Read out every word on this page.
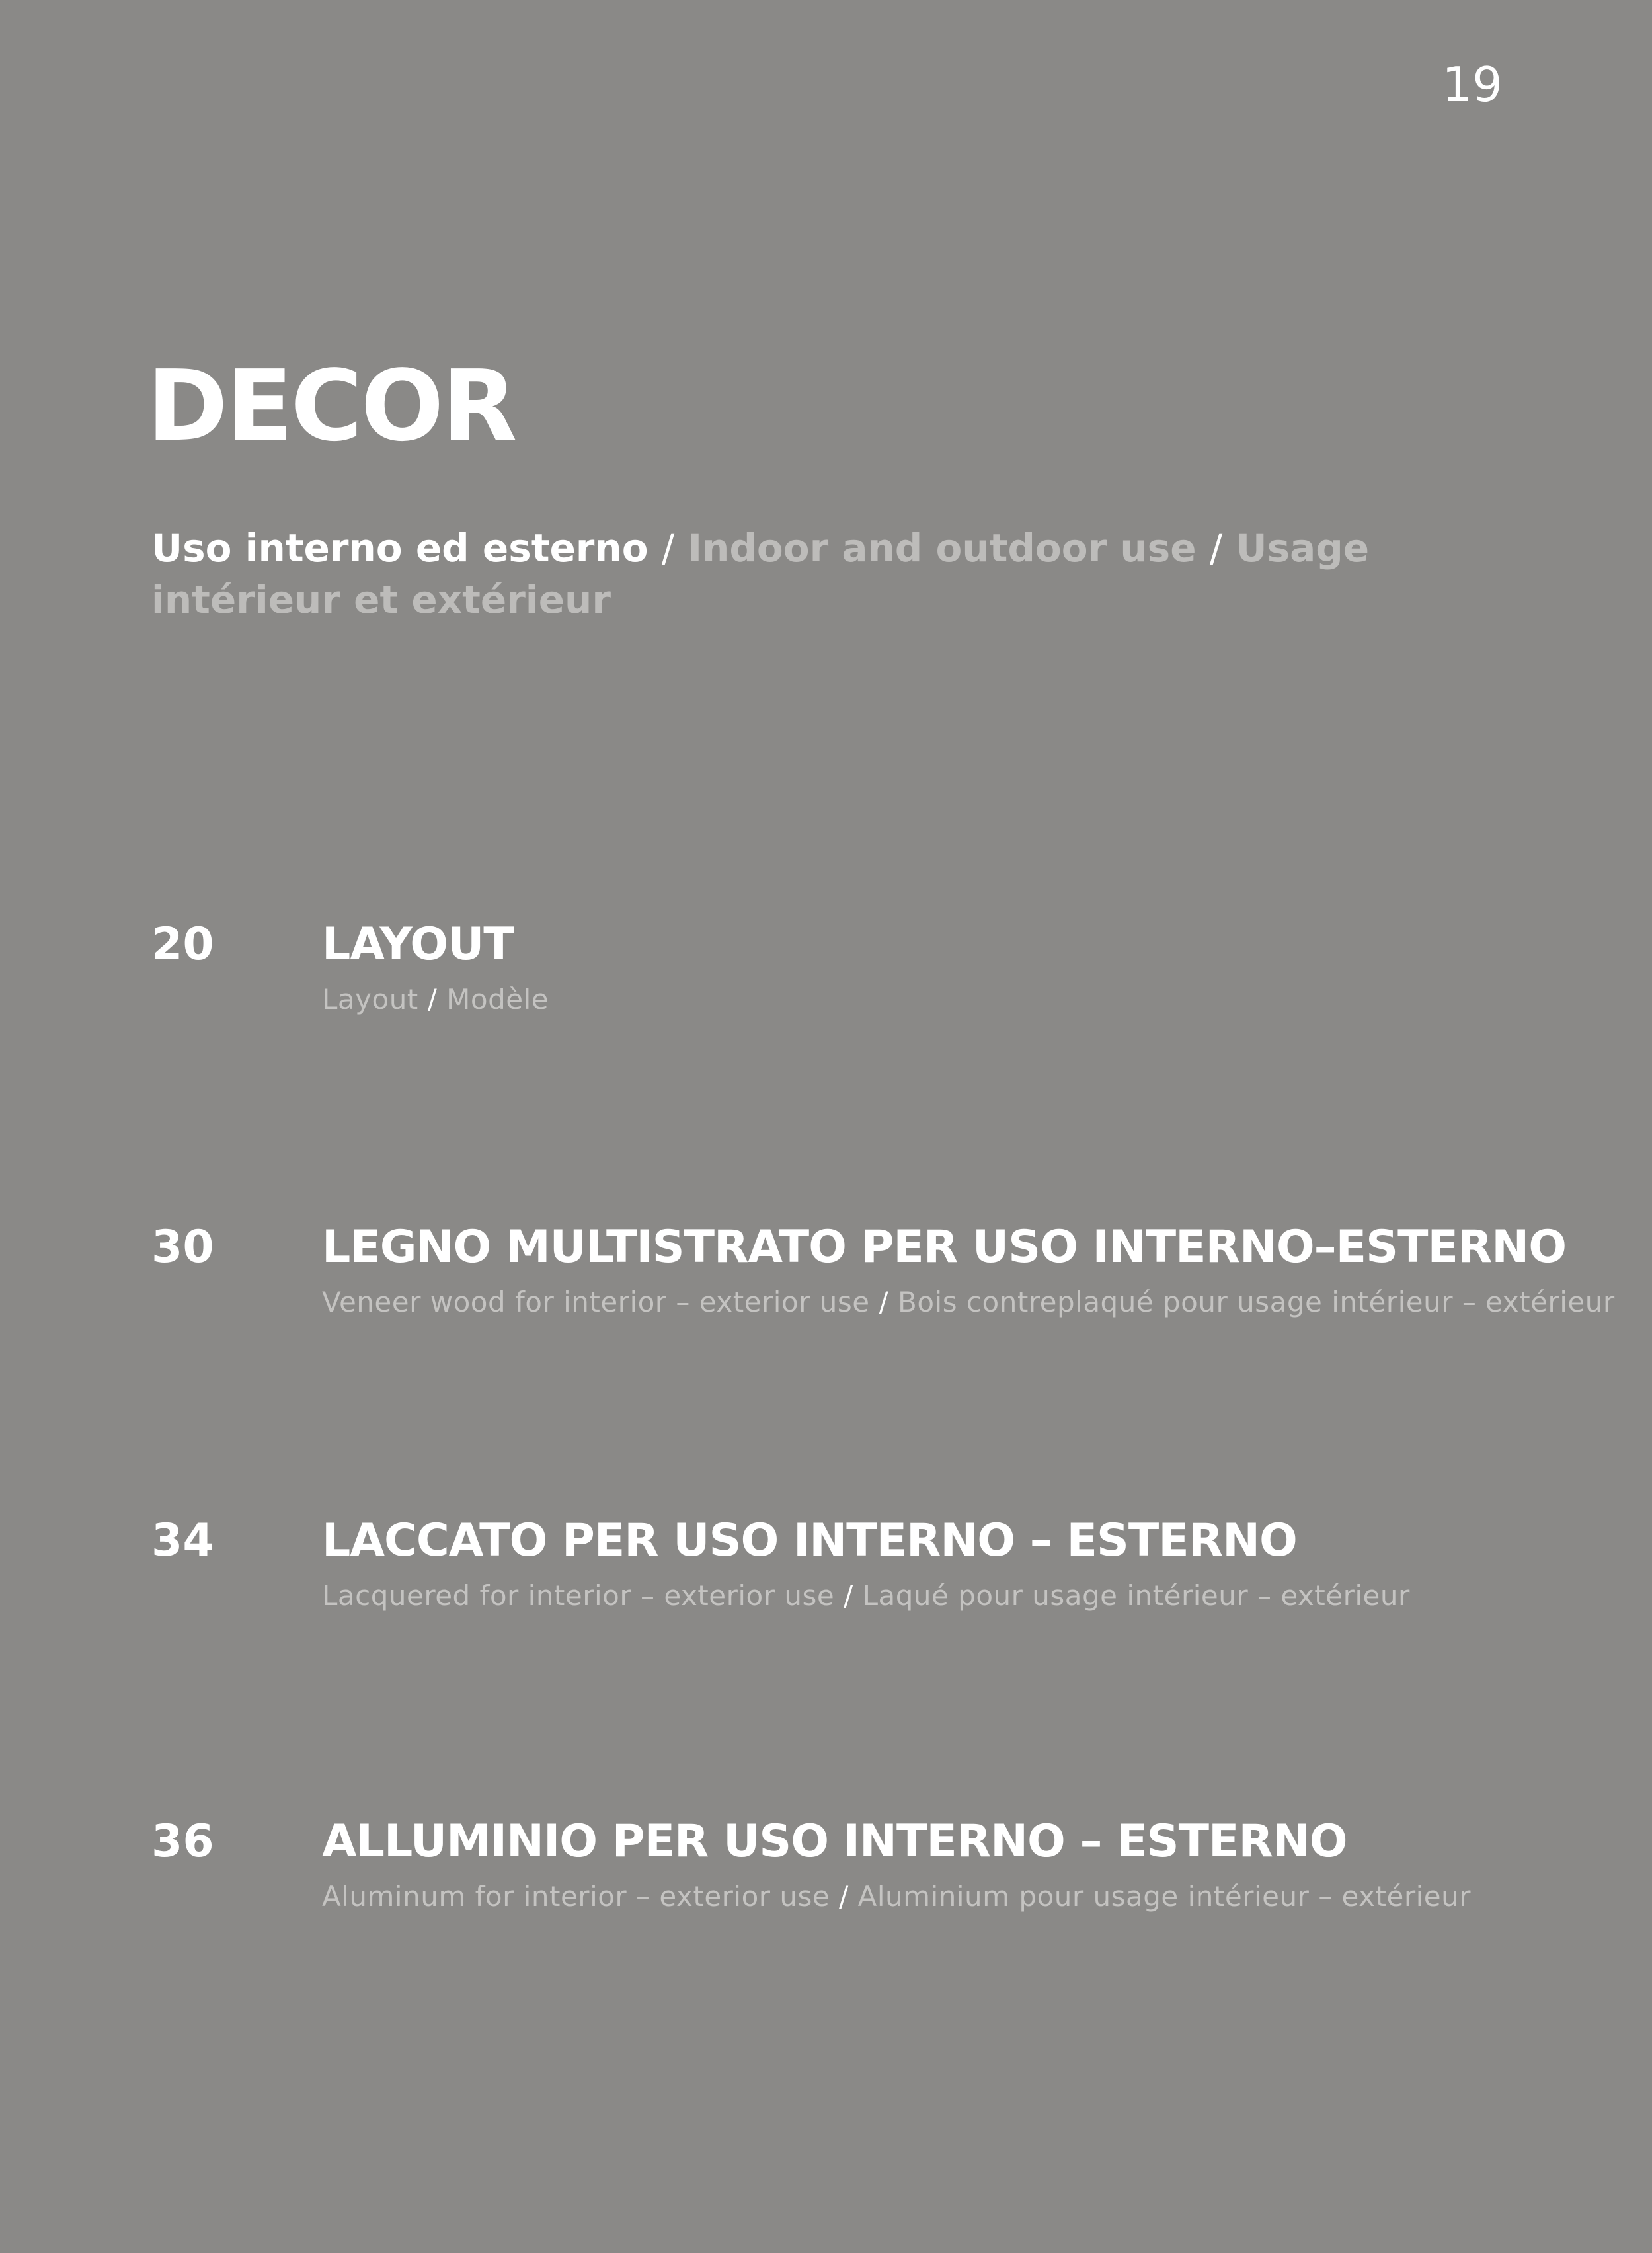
19
DECOR
Uso interno ed esterno / Indoor and outdoor use / Usage intérieur et extérieur
20 LAYOUT
Layout / Modèle
30 LEGNO MULTISTRATO PER USO INTERNO–ESTERNO
Veneer wood for interior – exterior use / Bois contreplaqué pour usage intérieur – extérieur
34 LACCATO PER USO INTERNO – ESTERNO
Lacquered for interior – exterior use / Laqué pour usage intérieur – extérieur
36 ALLUMINIO PER USO INTERNO – ESTERNO
Aluminum for interior – exterior use / Aluminium pour usage intérieur – extérieur
